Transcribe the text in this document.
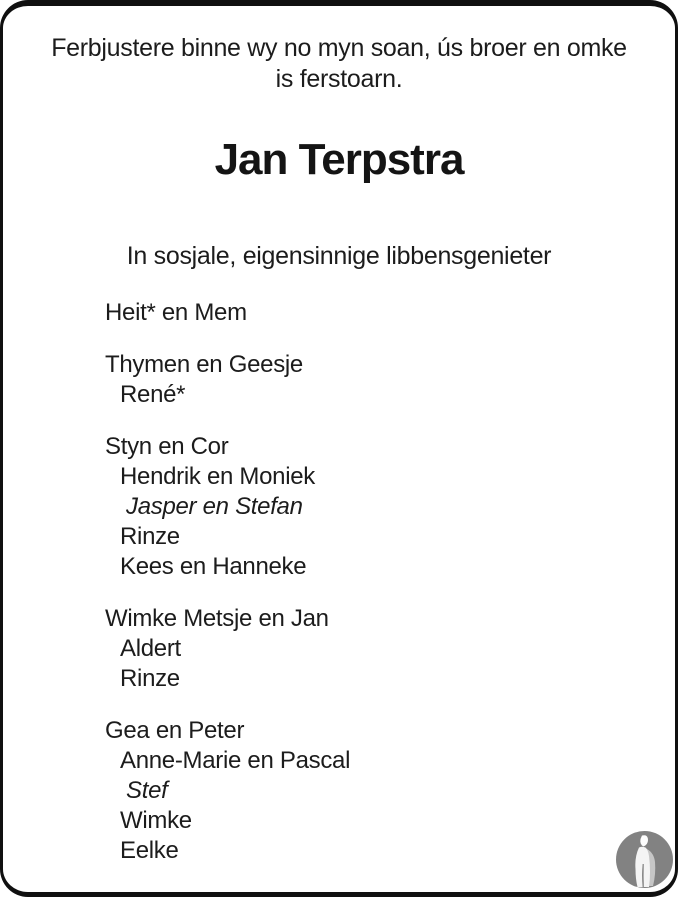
Ferbjustere binne wy no myn soan, ús broer en omke
is ferstoarn.
Jan Terpstra
In sosjale, eigensinnige libbensgenieter
Heit* en Mem
Thymen en Geesje
René*
Styn en Cor
Hendrik en Moniek
Jasper en Stefan
Rinze
Kees en Hanneke
Wimke Metsje en Jan
Aldert
Rinze
Gea en Peter
Anne-Marie en Pascal
Stef
Wimke
Eelke
